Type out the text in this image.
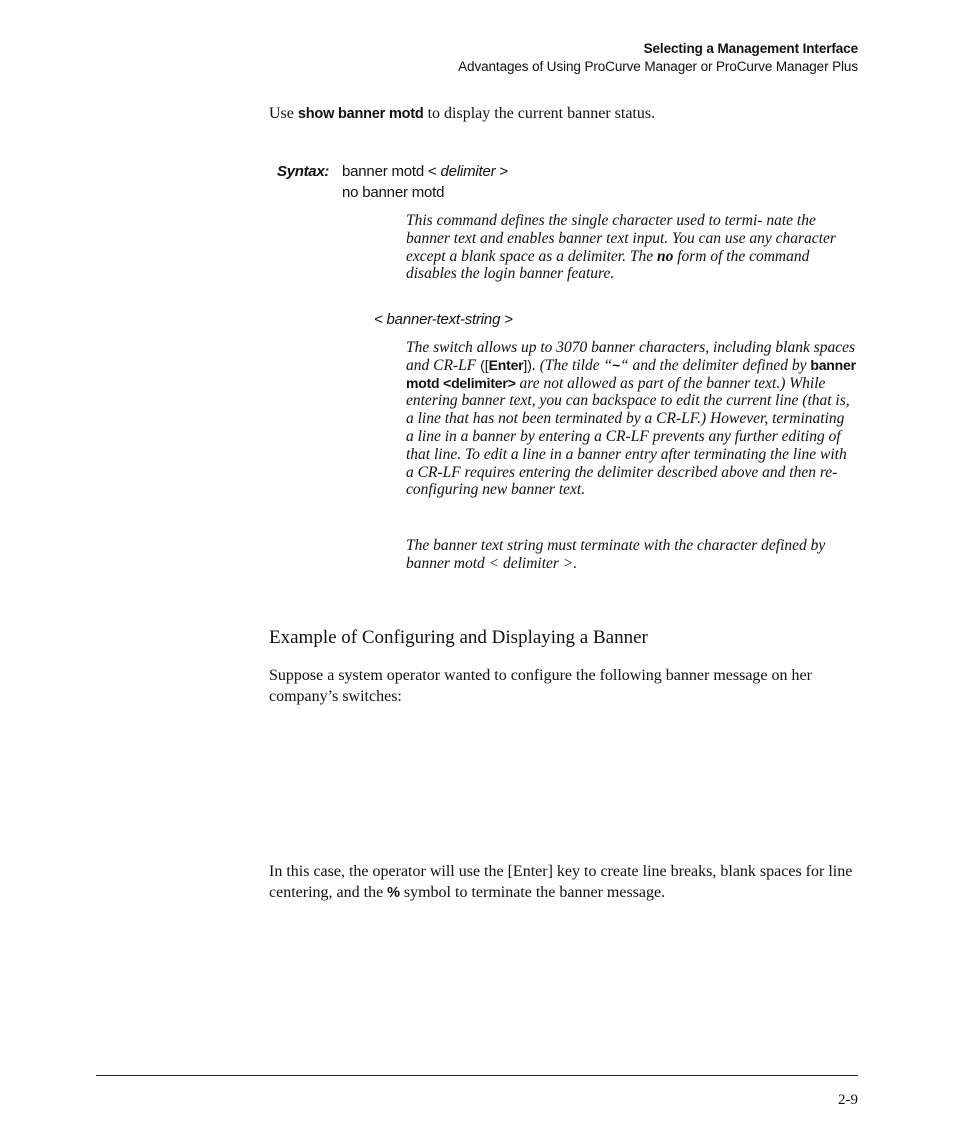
Selecting a Management Interface
Advantages of Using ProCurve Manager or ProCurve Manager Plus
Use show banner motd to display the current banner status.
Syntax: banner motd < delimiter >
no banner motd
This command defines the single character used to termi- nate the banner text and enables banner text input. You can use any character except a blank space as a delimiter. The no form of the command disables the login banner feature.
< banner-text-string >
The switch allows up to 3070 banner characters, including blank spaces and CR-LF ([Enter]). (The tilde “~“ and the delimiter defined by banner motd <delimiter> are not allowed as part of the banner text.) While entering banner text, you can backspace to edit the current line (that is, a line that has not been terminated by a CR-LF.) However, terminating a line in a banner by entering a CR-LF prevents any further editing of that line. To edit a line in a banner entry after terminating the line with a CR-LF requires entering the delimiter described above and then re-configuring new banner text.
The banner text string must terminate with the character defined by banner motd < delimiter >.
Example of Configuring and Displaying a Banner
Suppose a system operator wanted to configure the following banner message on her company’s switches:
In this case, the operator will use the [Enter] key to create line breaks, blank spaces for line centering, and the % symbol to terminate the banner message.
2-9
